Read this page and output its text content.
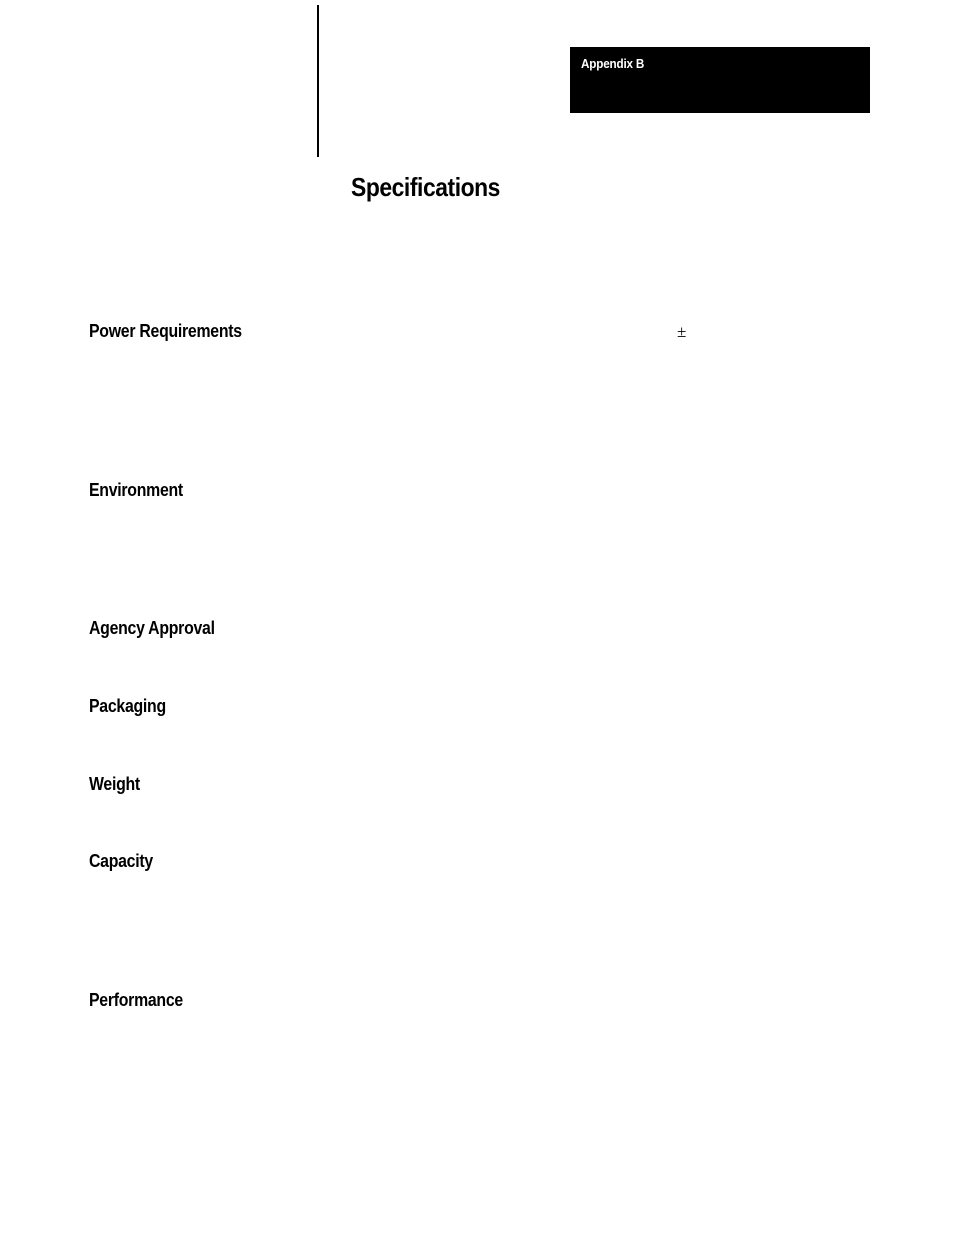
Appendix B
Specifications
Power Requirements	±
Environment
Agency Approval
Packaging
Weight
Capacity
Performance
